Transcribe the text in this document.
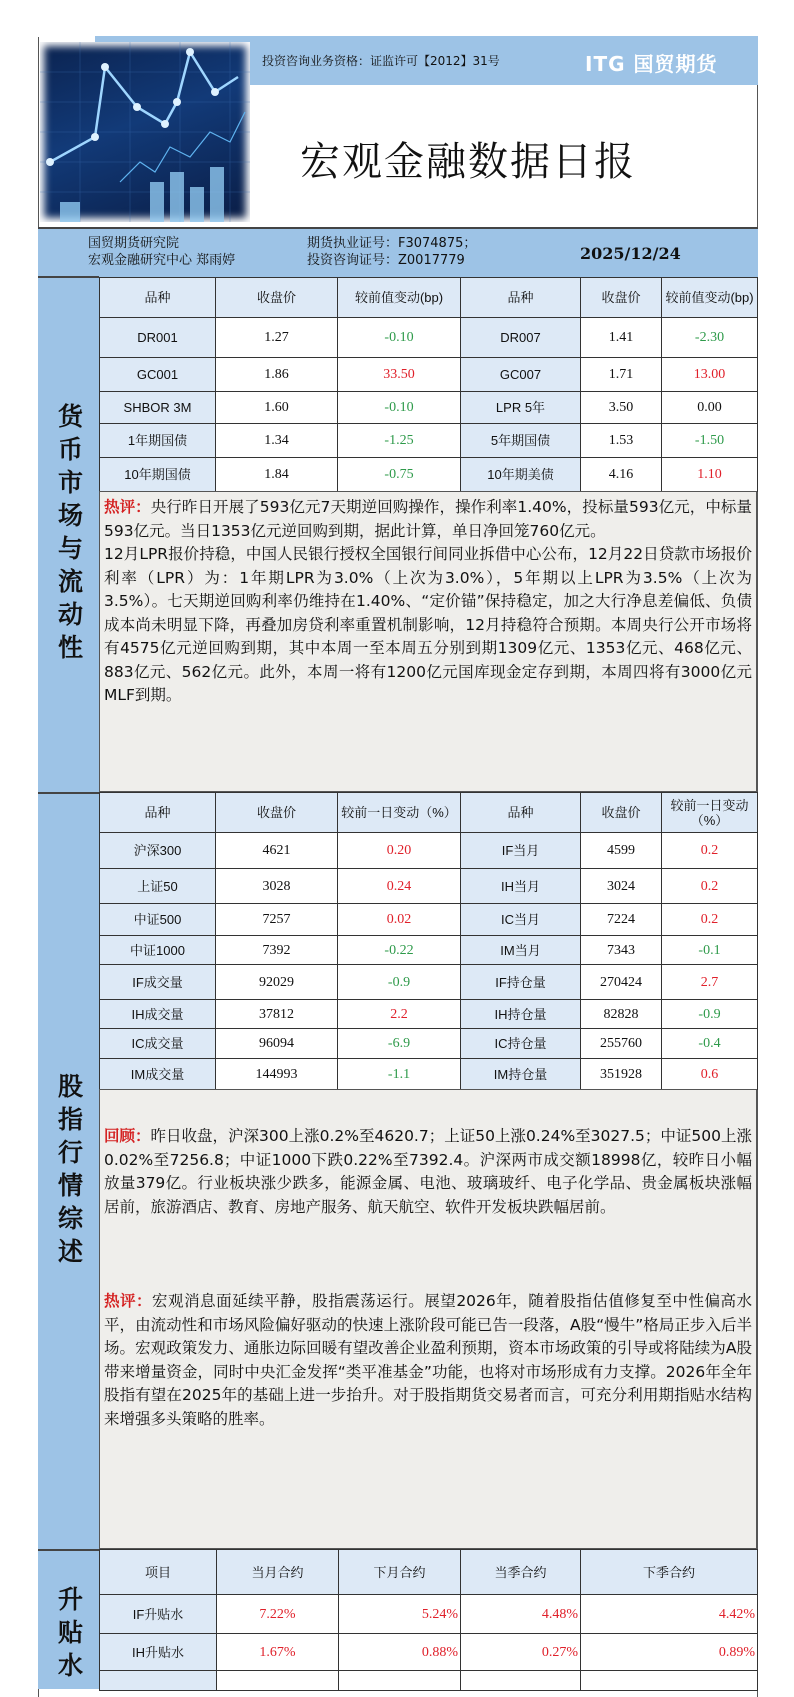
投资咨询业务资格：证监许可【2012】31号	ITG 国贸期货
宏观金融数据日报
国贸期货研究院
宏观金融研究中心 郑雨婷
期货执业证号：F3074875；
投资咨询证号：Z0017779	2025/12/24
货币市场与流动性
股指行情综述
升贴水
品种	收盘价	较前值变动(bp)	品种	收盘价	较前值变动(bp)
DR001	1.27	-0.10	DR007	1.41	-2.30
GC001	1.86	33.50	GC007	1.71	13.00
SHBOR 3M	1.60	-0.10	LPR 5年	3.50	0.00
1年期国债	1.34	-1.25	5年期国债	1.53	-1.50
10年期国债	1.84	-0.75	10年期美债	4.16	1.10
热评：央行昨日开展了593亿元7天期逆回购操作，操作利率1.40%，投标量593亿元，中标量593亿元。当日1353亿元逆回购到期，据此计算，单日净回笼760亿元。
12月LPR报价持稳，中国人民银行授权全国银行间同业拆借中心公布，12月22日贷款市场报价利率（LPR）为：1年期LPR为3.0%（上次为3.0%），5年期以上LPR为3.5%（上次为3.5%）。七天期逆回购利率仍维持在1.40%、“定价锚”保持稳定，加之大行净息差偏低、负债成本尚未明显下降，再叠加房贷利率重置机制影响，12月持稳符合预期。本周央行公开市场将有4575亿元逆回购到期，其中本周一至本周五分别到期1309亿元、1353亿元、468亿元、883亿元、562亿元。此外，本周一将有1200亿元国库现金定存到期，本周四将有3000亿元MLF到期。
品种	收盘价	较前一日变动（%）	品种	收盘价	较前一日变动（%）
沪深300	4621	0.20	IF当月	4599	0.2
上证50	3028	0.24	IH当月	3024	0.2
中证500	7257	0.02	IC当月	7224	0.2
中证1000	7392	-0.22	IM当月	7343	-0.1
IF成交量	92029	-0.9	IF持仓量	270424	2.7
IH成交量	37812	2.2	IH持仓量	82828	-0.9
IC成交量	96094	-6.9	IC持仓量	255760	-0.4
IM成交量	144993	-1.1	IM持仓量	351928	0.6
回顾：昨日收盘，沪深300上涨0.2%至4620.7；上证50上涨0.24%至3027.5；中证500上涨0.02%至7256.8；中证1000下跌0.22%至7392.4。沪深两市成交额18998亿，较昨日小幅放量379亿。行业板块涨少跌多，能源金属、电池、玻璃玻纤、电子化学品、贵金属板块涨幅居前，旅游酒店、教育、房地产服务、航天航空、软件开发板块跌幅居前。
热评：宏观消息面延续平静，股指震荡运行。展望2026年，随着股指估值修复至中性偏高水平，由流动性和市场风险偏好驱动的快速上涨阶段可能已告一段落，A股“慢牛”格局正步入后半场。宏观政策发力、通胀边际回暖有望改善企业盈利预期，资本市场政策的引导或将陆续为A股带来增量资金，同时中央汇金发挥“类平准基金”功能，也将对市场形成有力支撑。2026年全年股指有望在2025年的基础上进一步抬升。对于股指期货交易者而言，可充分利用期指贴水结构来增强多头策略的胜率。
项目	当月合约	下月合约	当季合约	下季合约
IF升贴水	7.22%	5.24%	4.48%	4.42%
IH升贴水	1.67%	0.88%	0.27%	0.89%
